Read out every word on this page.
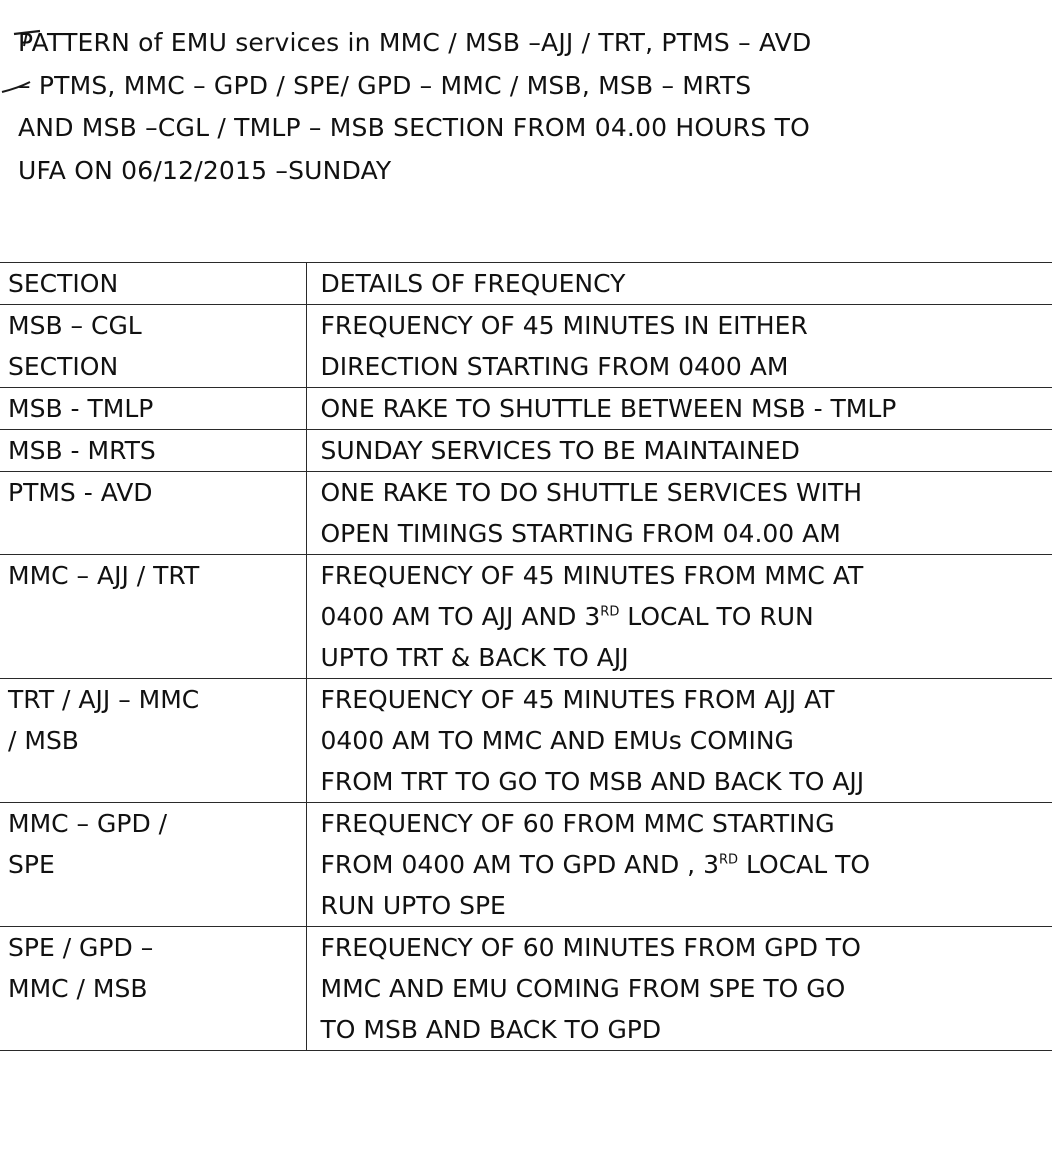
PATTERN of EMU services in MMC / MSB –AJJ / TRT, PTMS – AVD
– PTMS, MMC – GPD / SPE/ GPD – MMC / MSB, MSB – MRTS
AND MSB –CGL / TMLP – MSB SECTION FROM 04.00 HOURS TO
UFA ON 06/12/2015 –SUNDAY
SECTION	DETAILS OF FREQUENCY

MSB – CGL
SECTION	FREQUENCY OF 45 MINUTES IN EITHER
DIRECTION STARTING FROM 0400 AM

MSB - TMLP	ONE RAKE TO SHUTTLE BETWEEN MSB - TMLP

MSB - MRTS	SUNDAY SERVICES TO BE MAINTAINED

PTMS - AVD	ONE RAKE TO DO SHUTTLE SERVICES WITH
OPEN TIMINGS STARTING FROM 04.00 AM

MMC – AJJ / TRT	FREQUENCY OF 45 MINUTES FROM MMC AT
0400 AM TO AJJ AND 3RD LOCAL TO RUN
UPTO TRT & BACK TO AJJ

TRT / AJJ – MMC
/ MSB	FREQUENCY OF 45 MINUTES FROM AJJ AT
0400 AM TO MMC AND EMUs COMING
FROM TRT TO GO TO MSB AND BACK TO AJJ

MMC – GPD /
SPE	FREQUENCY OF 60 FROM MMC STARTING
FROM 0400 AM TO GPD AND , 3RD LOCAL TO
RUN UPTO SPE

SPE / GPD –
MMC / MSB	FREQUENCY OF 60 MINUTES FROM GPD TO
MMC AND EMU COMING FROM SPE TO GO
TO MSB AND BACK TO GPD
